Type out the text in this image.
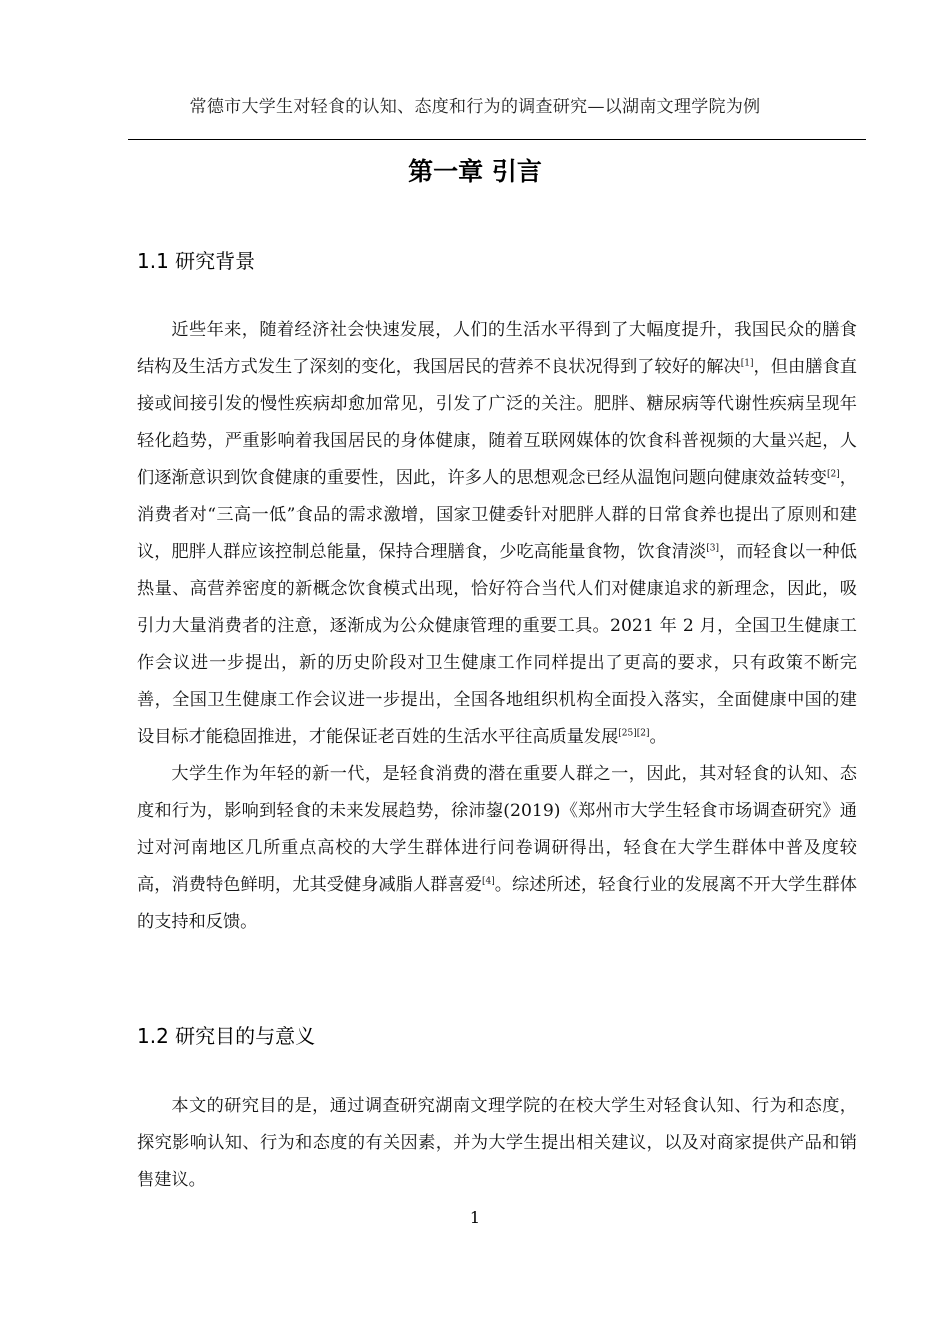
常德市大学生对轻食的认知、态度和行为的调查研究—以湖南文理学院为例
第一章 引言
1.1 研究背景

近些年来，随着经济社会快速发展，人们的生活水平得到了大幅度提升，我国民众的膳食结构及生活方式发生了深刻的变化，我国居民的营养不良状况得到了较好的解决[1]，但由膳食直接或间接引发的慢性疾病却愈加常见，引发了广泛的关注。肥胖、糖尿病等代谢性疾病呈现年轻化趋势，严重影响着我国居民的身体健康，随着互联网媒体的饮食科普视频的大量兴起，人们逐渐意识到饮食健康的重要性，因此，许多人的思想观念已经从温饱问题向健康效益转变[2]，消费者对“三高一低”食品的需求激增，国家卫健委针对肥胖人群的日常食养也提出了原则和建议，肥胖人群应该控制总能量，保持合理膳食，少吃高能量食物，饮食清淡[3]，而轻食以一种低热量、高营养密度的新概念饮食模式出现，恰好符合当代人们对健康追求的新理念，因此，吸引力大量消费者的注意，逐渐成为公众健康管理的重要工具。2021 年 2 月，全国卫生健康工作会议进一步提出，新的历史阶段对卫生健康工作同样提出了更高的要求，只有政策不断完善，全国卫生健康工作会议进一步提出，全国各地组织机构全面投入落实，全面健康中国的建设目标才能稳固推进，才能保证老百姓的生活水平往高质量发展[25][2]。

大学生作为年轻的新一代，是轻食消费的潜在重要人群之一，因此，其对轻食的认知、态度和行为，影响到轻食的未来发展趋势，徐沛鋆(2019)《郑州市大学生轻食市场调查研究》通过对河南地区几所重点高校的大学生群体进行问卷调研得出，轻食在大学生群体中普及度较高，消费特色鲜明，尤其受健身减脂人群喜爱[4]。综述所述，轻食行业的发展离不开大学生群体的支持和反馈。

1.2 研究目的与意义

本文的研究目的是，通过调查研究湖南文理学院的在校大学生对轻食认知、行为和态度，探究影响认知、行为和态度的有关因素，并为大学生提出相关建议，以及对商家提供产品和销售建议。

1
